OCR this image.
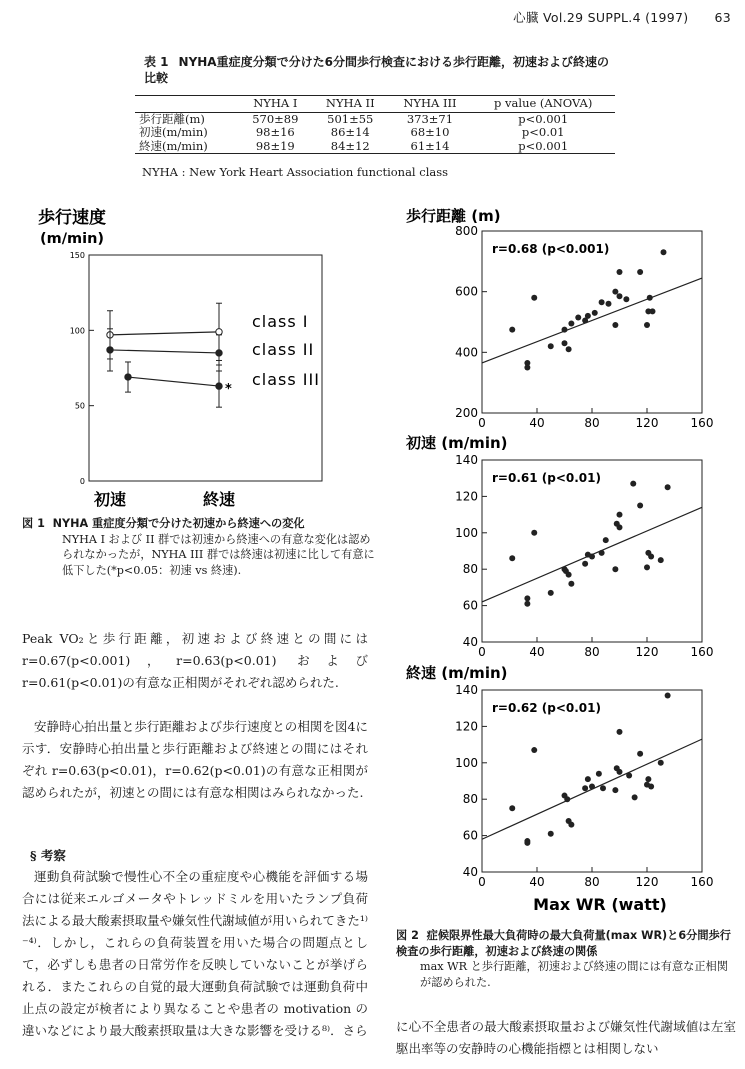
心臓 Vol.29 SUPPL.4 (1997) 63
表 1 NYHA重症度分類で分けた6分間歩行検査における歩行距離，初速および終速の比較
	NYHA I	NYHA II	NYHA III	p value (ANOVA)
歩行距離(m)	570±89	501±55	373±71	p<0.001
初速(m/min)	98±16	86±14	68±10	p<0.01
終速(m/min)	98±19	84±12	61±14	p<0.001
NYHA : New York Heart Association functional class
歩行速度
(m/min)
0
50
100
150
初速	終速
*
class I
class II
class III
図 1 NYHA 重症度分類で分けた初速から終速への変化
NYHA I および II 群では初速から終速への有意な変化は認められなかったが，NYHA III 群では終速は初速に比して有意に低下した(*p<0.05：初速 vs 終速).
歩行距離 (m)
200
400
600
800
0	40	80	120	160
r=0.68 (p<0.001)
初速 (m/min)
40
60
80
100
120
140
0	40	80	120	160
r=0.61 (p<0.01)
終速 (m/min)
40
60
80
100
120
140
0	40	80	120	160
r=0.62 (p<0.01)
Max WR (watt)
図 2 症候限界性最大負荷時の最大負荷量(max WR)と6分間歩行検査の歩行距離，初速および終速の関係
max WR と歩行距離，初速および終速の間には有意な正相関が認められた.
Peak VO₂と歩行距離，初速および終速との間には r=0.67(p<0.001)，r=0.63(p<0.01) および r=0.61(p<0.01)の有意な正相関がそれぞれ認められた.
安静時心拍出量と歩行距離および歩行速度との相関を図4に示す．安静時心拍出量と歩行距離および終速との間にはそれぞれ r=0.63(p<0.01)，r=0.62(p<0.01)の有意な正相関が認められたが，初速との間には有意な相関はみられなかった.
§ 考察
運動負荷試験で慢性心不全の重症度や心機能を評価する場合には従来エルゴメータやトレッドミルを用いたランプ負荷法による最大酸素摂取量や嫌気性代謝域値が用いられてきた¹⁾⁻⁴⁾．しかし，これらの負荷装置を用いた場合の問題点として，必ずしも患者の日常労作を反映していないことが挙げられる．またこれらの自覚的最大運動負荷試験では運動負荷中止点の設定が検者により異なることや患者の motivation の違いなどにより最大酸素摂取量は大きな影響を受ける⁸⁾．さら に心不全患者の最大酸素摂取量および嫌気性代謝域値は左室駆出率等の安静時の心機能指標とは相関しない
